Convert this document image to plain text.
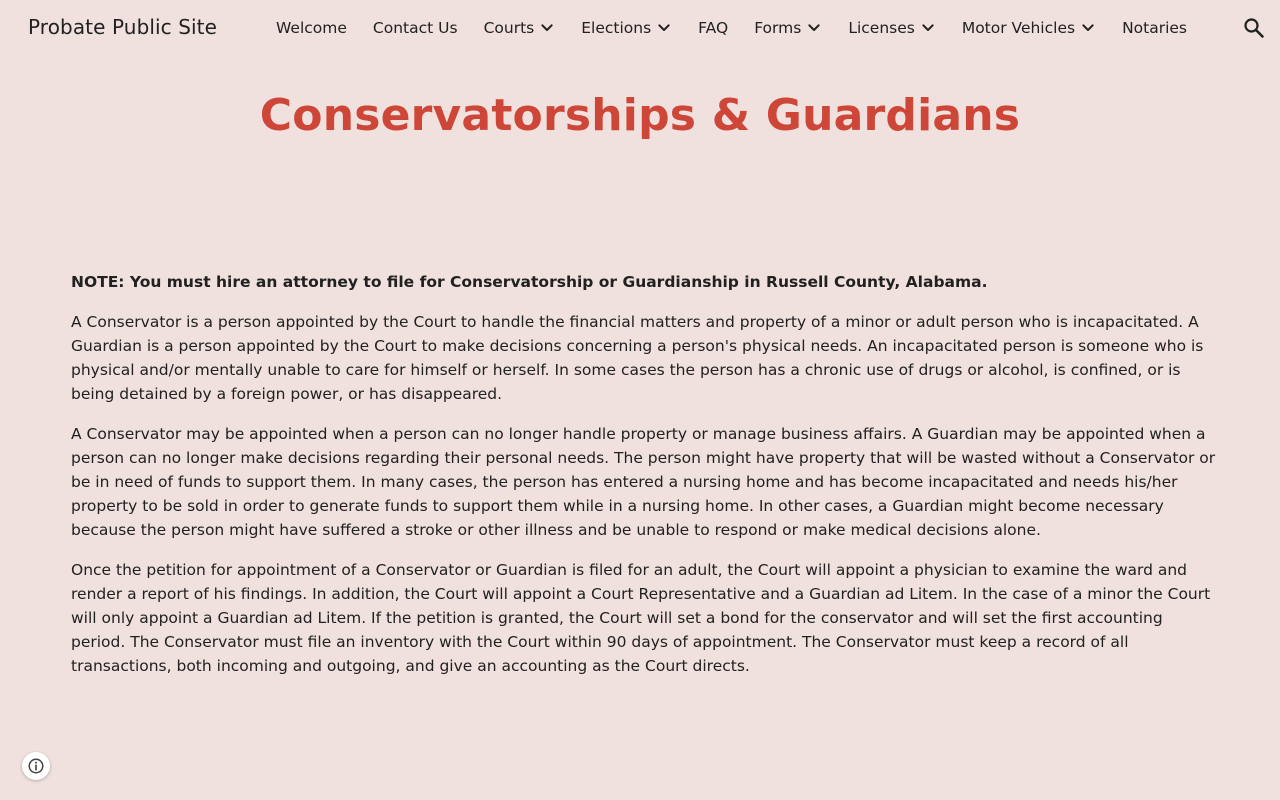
Probate Public Site	Welcome Contact Us Courts	Elections	FAQ Forms	Licenses	Motor Vehicles	Notaries
Conservatorships & Guardians

NOTE: You must hire an attorney to file for Conservatorship or Guardianship in Russell County, Alabama.

A Conservator is a person appointed by the Court to handle the financial matters and property of a minor or adult person who is incapacitated. A Guardian is a person appointed by the Court to make decisions concerning a person's physical needs. An incapacitated person is someone who is physical and/or mentally unable to care for himself or herself. In some cases the person has a chronic use of drugs or alcohol, is confined, or is being detained by a foreign power, or has disappeared.

A Conservator may be appointed when a person can no longer handle property or manage business affairs. A Guardian may be appointed when a person can no longer make decisions regarding their personal needs. The person might have property that will be wasted without a Conservator or be in need of funds to support them. In many cases, the person has entered a nursing home and has become incapacitated and needs his/her property to be sold in order to generate funds to support them while in a nursing home. In other cases, a Guardian might become necessary because the person might have suffered a stroke or other illness and be unable to respond or make medical decisions alone.

Once the petition for appointment of a Conservator or Guardian is filed for an adult, the Court will appoint a physician to examine the ward and render a report of his findings. In addition, the Court will appoint a Court Representative and a Guardian ad Litem. In the case of a minor the Court will only appoint a Guardian ad Litem. If the petition is granted, the Court will set a bond for the conservator and will set the first accounting period. The Conservator must file an inventory with the Court within 90 days of appointment. The Conservator must keep a record of all transactions, both incoming and outgoing, and give an accounting as the Court directs.
